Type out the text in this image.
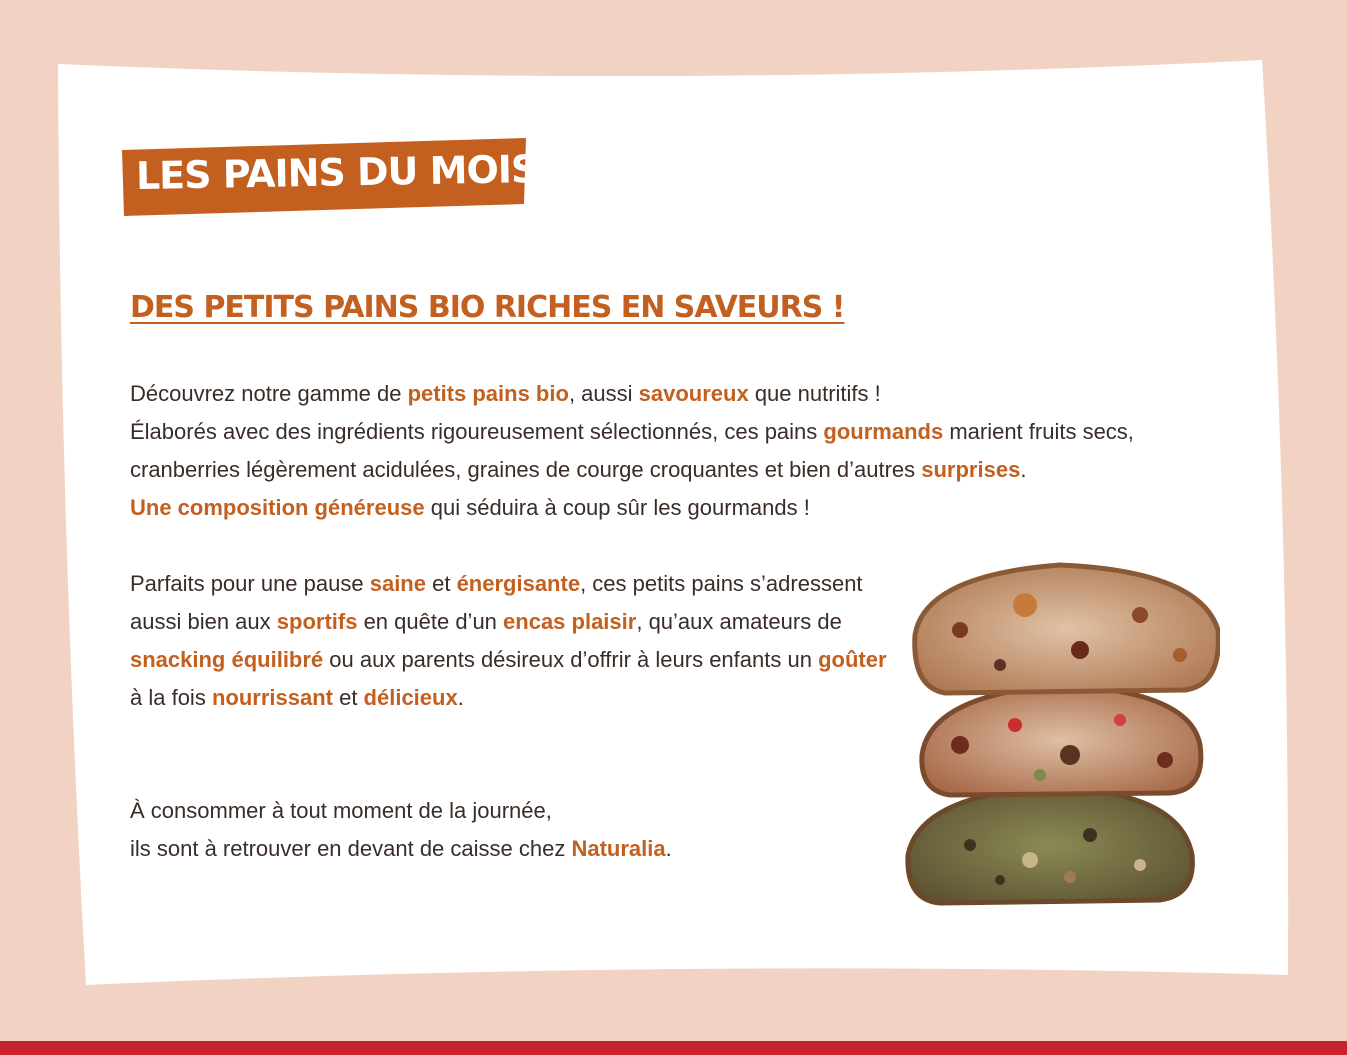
LES PAINS DU MOIS
DES PETITS PAINS BIO RICHES EN SAVEURS !
Découvrez notre gamme de petits pains bio, aussi savoureux que nutritifs !
Élaborés avec des ingrédients rigoureusement sélectionnés, ces pains gourmands marient fruits secs, cranberries légèrement acidulées, graines de courge croquantes et bien d’autres surprises.
Une composition généreuse qui séduira à coup sûr les gourmands !
Parfaits pour une pause saine et énergisante, ces petits pains s’adressent aussi bien aux sportifs en quête d’un encas plaisir, qu’aux amateurs de snacking équilibré ou aux parents désireux d’offrir à leurs enfants un goûter à la fois nourrissant et délicieux.
À consommer à tout moment de la journée,
ils sont à retrouver en devant de caisse chez Naturalia.
